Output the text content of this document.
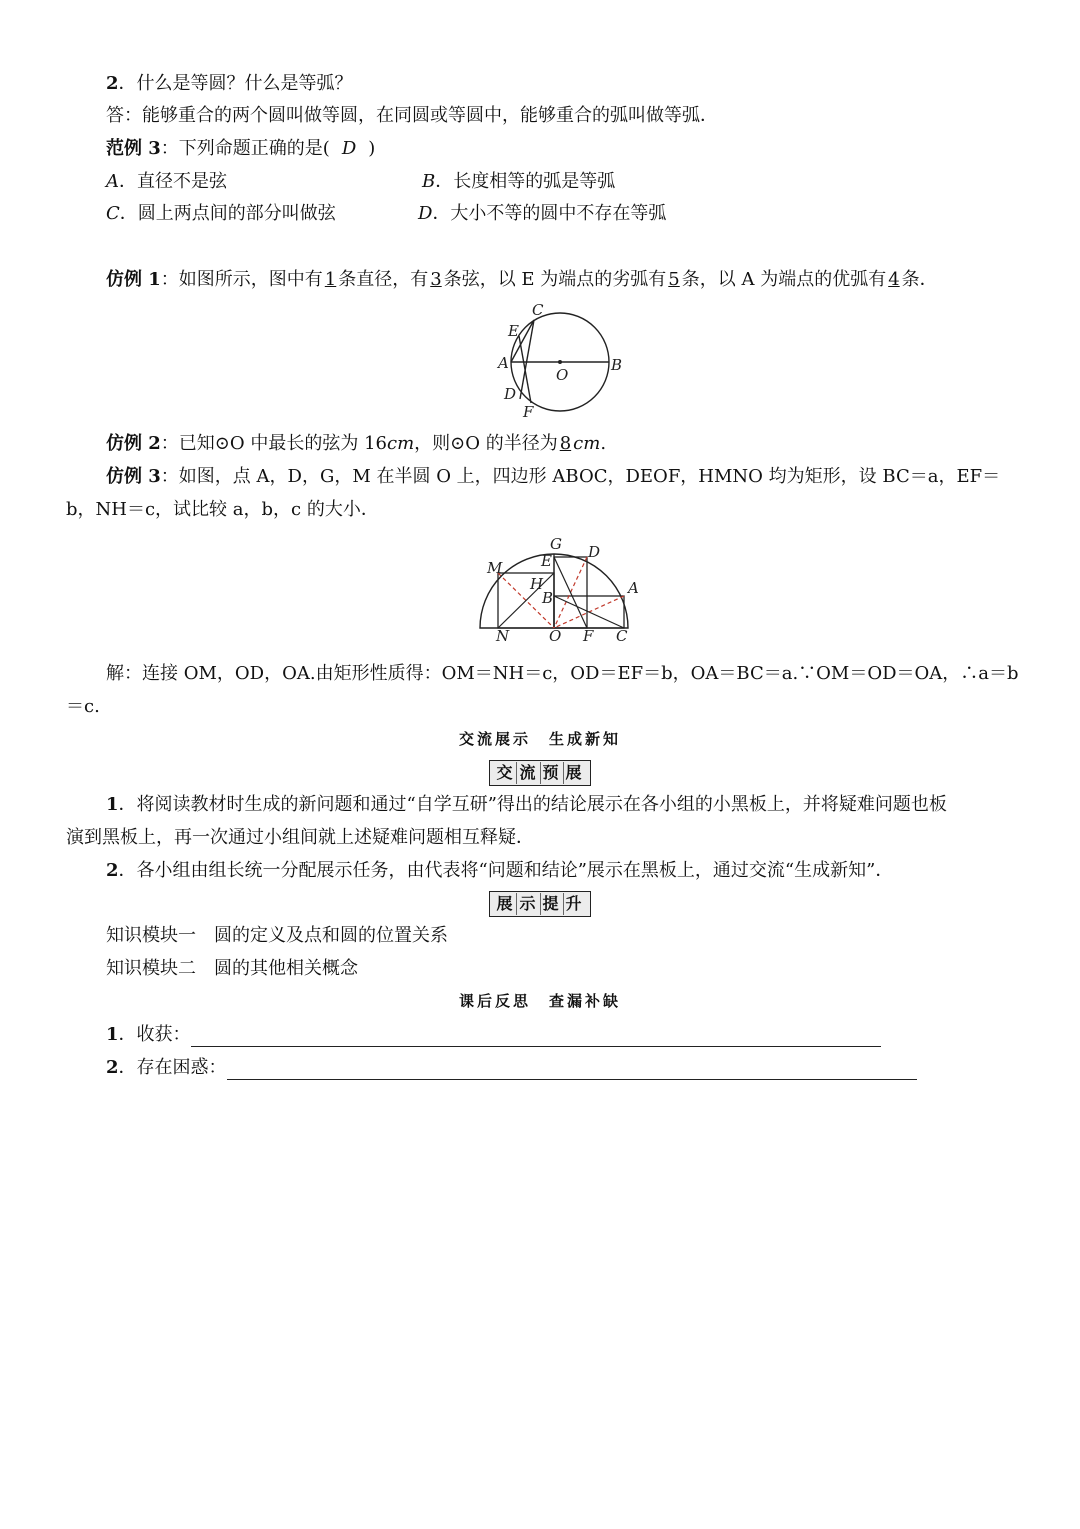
2．什么是等圆？什么是等弧？
答：能够重合的两个圆叫做等圆，在同圆或等圆中，能够重合的弧叫做等弧．
范例 3：下列命题正确的是( D )
A．直径不是弦	B．长度相等的弧是等弧
C．圆上两点间的部分叫做弦	D．大小不等的圆中不存在等弧
仿例 1：如图所示，图中有 1 条直径，有 3 条弦，以 E 为端点的劣弧有 5 条，以 A 为端点的优弧有 4 条．
C
E
A
O
B
D
F
仿例 2：已知⊙O 中最长的弦为 16cm，则⊙O 的半径为 8 cm.
仿例 3：如图，点 A，D，G，M 在半圆 O 上，四边形 ABOC，DEOF，HMNO 均为矩形，设 BC＝a，EF＝
b，NH＝c，试比较 a，b，c 的大小．
G D
M	E
H	A
B
N	O F C
解：连接 OM，OD，OA.由矩形性质得：OM＝NH＝c，OD＝EF＝b，OA＝BC＝a.∵OM＝OD＝OA，∴a＝b
＝c.
交流展示　生成新知
交 流 预 展
1．将阅读教材时生成的新问题和通过“自学互研”得出的结论展示在各小组的小黑板上，并将疑难问题也板
演到黑板上，再一次通过小组间就上述疑难问题相互释疑．
2．各小组由组长统一分配展示任务，由代表将“问题和结论”展示在黑板上，通过交流“生成新知”．
展 示 提 升
知识模块一　圆的定义及点和圆的位置关系
知识模块二　圆的其他相关概念
课后反思　查漏补缺
1．收获：
2．存在困惑：
